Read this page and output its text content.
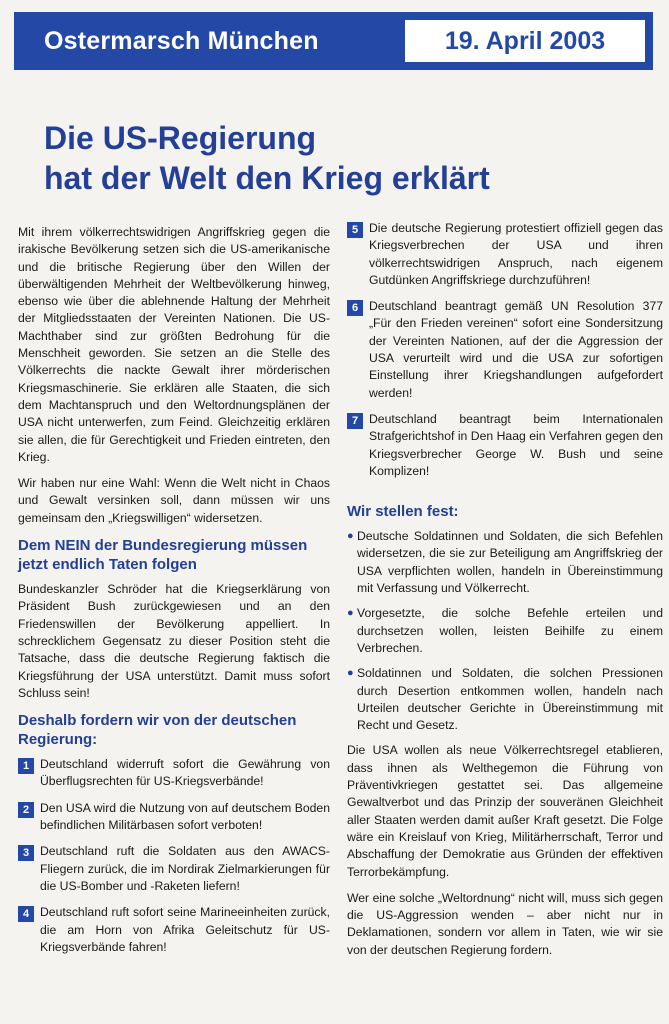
Ostermarsch München	19. April 2003
Die US-Regierung
hat der Welt den Krieg erklärt

Mit ihrem völkerrechtswidrigen Angriffskrieg gegen die irakische Bevölkerung setzen sich die US-amerikanische und die britische Regierung über den Willen der überwältigenden Mehrheit der Weltbevölkerung hinweg, ebenso wie über die ablehnende Haltung der Mehrheit der Mitgliedsstaaten der Vereinten Nationen. Die US-Machthaber sind zur größten Bedrohung für die Menschheit geworden. Sie setzen an die Stelle des Völkerrechts die nackte Gewalt ihrer mörderischen Kriegsmaschinerie. Sie erklären alle Staaten, die sich dem Machtanspruch und den Weltordnungsplänen der USA nicht unterwerfen, zum Feind. Gleichzeitig erklären sie allen, die für Gerechtigkeit und Frieden eintreten, den Krieg.

Wir haben nur eine Wahl: Wenn die Welt nicht in Chaos und Gewalt versinken soll, dann müssen wir uns gemeinsam den „Kriegswilligen“ widersetzen.

Dem NEIN der Bundesregierung müssen jetzt endlich Taten folgen

Bundeskanzler Schröder hat die Kriegserklärung von Präsident Bush zurückgewiesen und an den Friedenswillen der Bevölkerung appelliert. In schrecklichem Gegensatz zu dieser Position steht die Tatsache, dass die deutsche Regierung faktisch die Kriegsführung der USA unterstützt. Damit muss sofort Schluss sein!

Deshalb fordern wir von der deutschen Regierung:
1 Deutschland widerruft sofort die Gewährung von Überflugsrechten für US-Kriegsverbände!
2 Den USA wird die Nutzung von auf deutschem Boden befindlichen Militärbasen sofort verboten!
3 Deutschland ruft die Soldaten aus den AWACS-Fliegern zurück, die im Nordirak Zielmarkierungen für die US-Bomber und -Raketen liefern!
4 Deutschland ruft sofort seine Marineeinheiten zurück, die am Horn von Afrika Geleitschutz für US-Kriegsverbände fahren!
5 Die deutsche Regierung protestiert offiziell gegen das Kriegsverbrechen der USA und ihren völkerrechtswidrigen Anspruch, nach eigenem Gutdünken Angriffskriege durchzuführen!
6 Deutschland beantragt gemäß UN Resolution 377 „Für den Frieden vereinen“ sofort eine Sondersitzung der Vereinten Nationen, auf der die Aggression der USA verurteilt wird und die USA zur sofortigen Einstellung ihrer Kriegshandlungen aufgefordert werden!
7 Deutschland beantragt beim Internationalen Strafgerichtshof in Den Haag ein Verfahren gegen den Kriegsverbrecher George W. Bush und seine Komplizen!
Wir stellen fest:
● Deutsche Soldatinnen und Soldaten, die sich Befehlen widersetzen, die sie zur Beteiligung am Angriffskrieg der USA verpflichten wollen, handeln in Übereinstimmung mit Verfassung und Völkerrecht.
● Vorgesetzte, die solche Befehle erteilen und durchsetzen wollen, leisten Beihilfe zu einem Verbrechen.
● Soldatinnen und Soldaten, die solchen Pressionen durch Desertion entkommen wollen, handeln nach Urteilen deutscher Gerichte in Übereinstimmung mit Recht und Gesetz.

Die USA wollen als neue Völkerrechtsregel etablieren, dass ihnen als Welthegemon die Führung von Präventivkriegen gestattet sei. Das allgemeine Gewaltverbot und das Prinzip der souveränen Gleichheit aller Staaten werden damit außer Kraft gesetzt. Die Folge wäre ein Kreislauf von Krieg, Militärherrschaft, Terror und Abschaffung der Demokratie aus Gründen der effektiven Terrorbekämpfung.

Wer eine solche „Weltordnung“ nicht will, muss sich gegen die US-Aggression wenden – aber nicht nur in Deklamationen, sondern vor allem in Taten, wie wir sie von der deutschen Regierung fordern.
